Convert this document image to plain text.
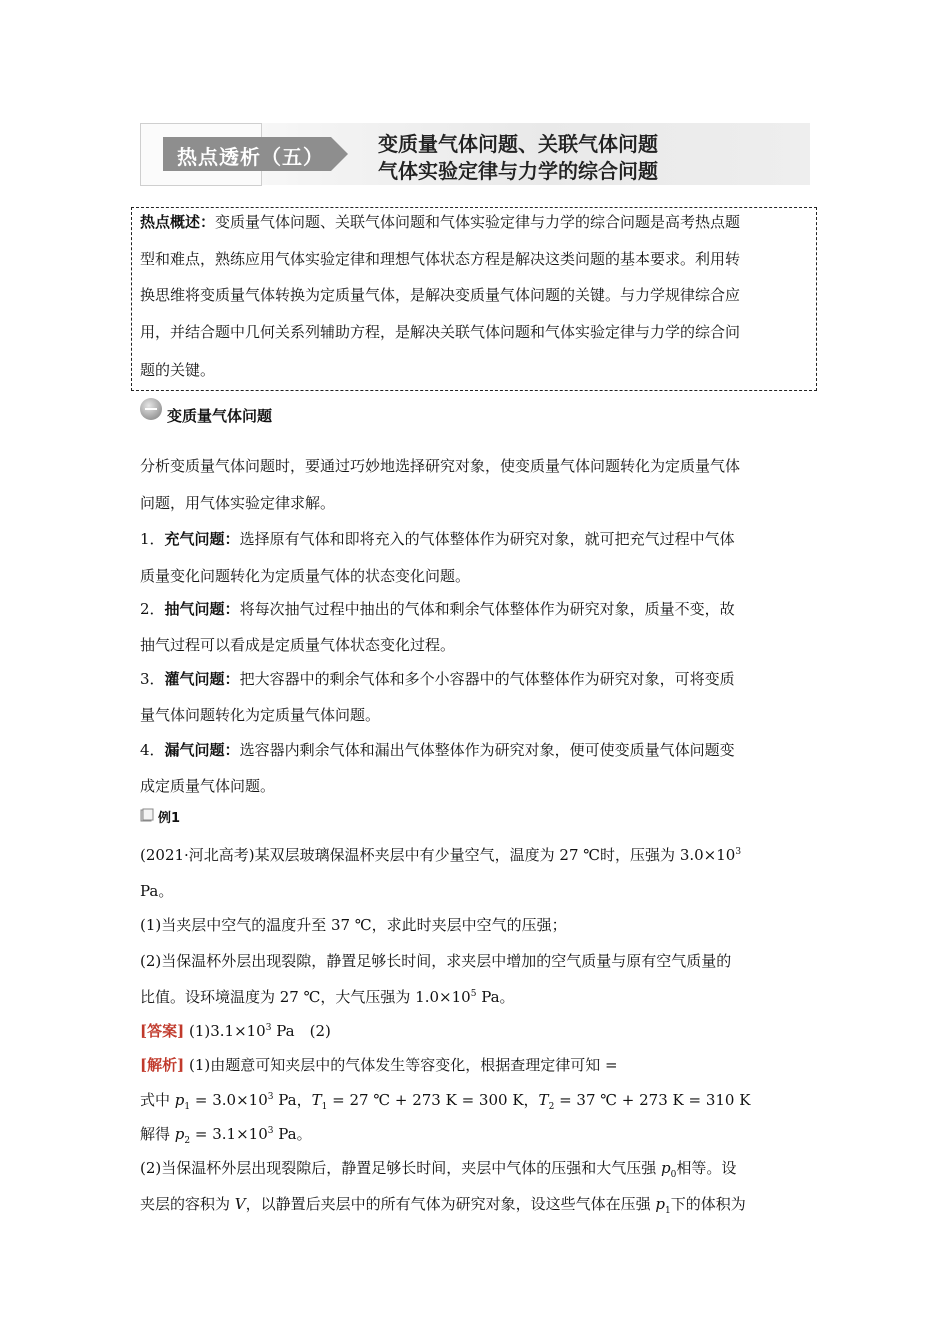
热点透析（五）
变质量气体问题、关联气体问题
气体实验定律与力学的综合问题
热点概述：变质量气体问题、关联气体问题和气体实验定律与力学的综合问题是高考热点题
型和难点，熟练应用气体实验定律和理想气体状态方程是解决这类问题的基本要求。利用转
换思维将变质量气体转换为定质量气体，是解决变质量气体问题的关键。与力学规律综合应
用，并结合题中几何关系列辅助方程，是解决关联气体问题和气体实验定律与力学的综合问
题的关键。
变质量气体问题
分析变质量气体问题时，要通过巧妙地选择研究对象，使变质量气体问题转化为定质量气体
问题，用气体实验定律求解。
1．充气问题：选择原有气体和即将充入的气体整体作为研究对象，就可把充气过程中气体
质量变化问题转化为定质量气体的状态变化问题。
2．抽气问题：将每次抽气过程中抽出的气体和剩余气体整体作为研究对象，质量不变，故
抽气过程可以看成是定质量气体状态变化过程。
3．灌气问题：把大容器中的剩余气体和多个小容器中的气体整体作为研究对象，可将变质
量气体问题转化为定质量气体问题。
4．漏气问题：选容器内剩余气体和漏出气体整体作为研究对象，便可使变质量气体问题变
成定质量气体问题。
例1
(2021·河北高考)某双层玻璃保温杯夹层中有少量空气，温度为 27 ℃时，压强为 $3.0\times 10^3$
Pa。
(1)当夹层中空气的温度升至 37 ℃，求此时夹层中空气的压强；
(2)当保温杯外层出现裂隙，静置足够长时间，求夹层中增加的空气质量与原有空气质量的
比值。设环境温度为 27 ℃，大气压强为 $1.0\times 10^5$ Pa。
[答案] $(1)3.1\times 10^3$ Pa　(2)
[解析] (1)由题意可知夹层中的气体发生等容变化，根据查理定律可知 =
式中 $p_1 = 3.0\times 10^3$ Pa，$T_1 = 27$ ℃ + 273 K = 300 K，$T_2 = 37$ ℃ + 273 K = 310 K
解得 $p_2 = 3.1\times 10^3$ Pa。
(2)当保温杯外层出现裂隙后，静置足够长时间，夹层中气体的压强和大气压强 $p_0$相等。设
夹层的容积为 V，以静置后夹层中的所有气体为研究对象，设这些气体在压强 $p_1$下的体积为
